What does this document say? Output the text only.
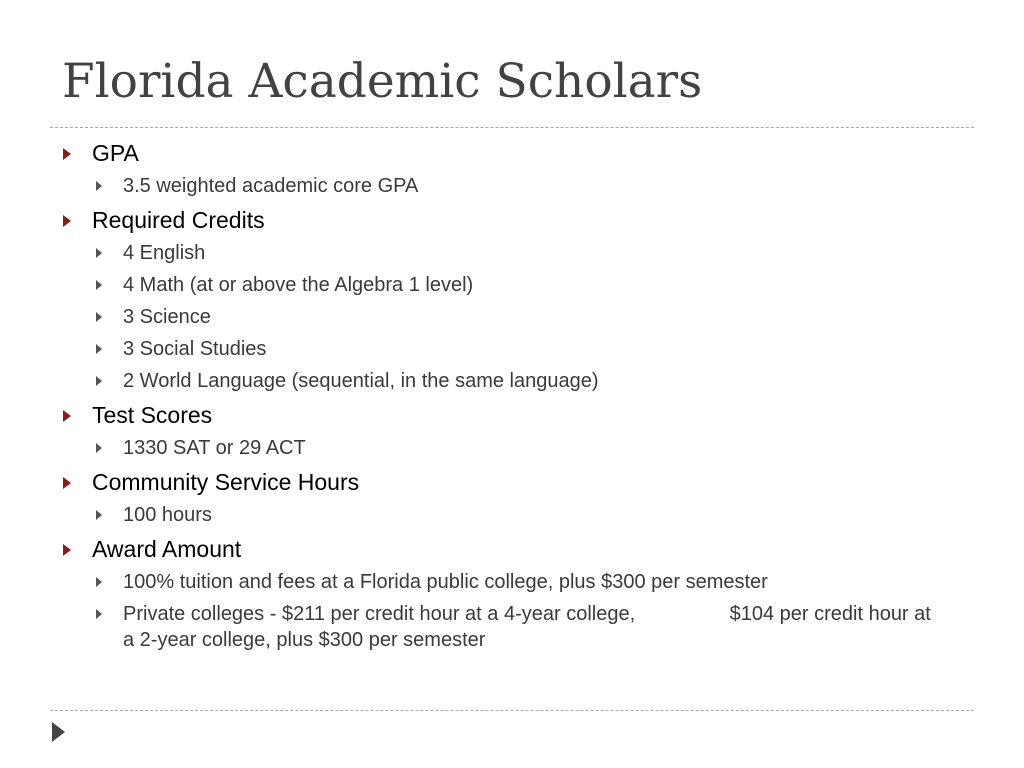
Florida Academic Scholars
GPA
3.5 weighted academic core GPA
Required Credits
4 English
4 Math (at or above the Algebra 1 level)
3 Science
3 Social Studies
2 World Language (sequential, in the same language)
Test Scores
1330 SAT or 29 ACT
Community Service Hours
100 hours
Award Amount
100% tuition and fees at a Florida public college, plus $300 per semester
Private colleges - $211 per credit hour at a 4-year college,                 $104 per credit hour at a 2-year college, plus $300 per semester
